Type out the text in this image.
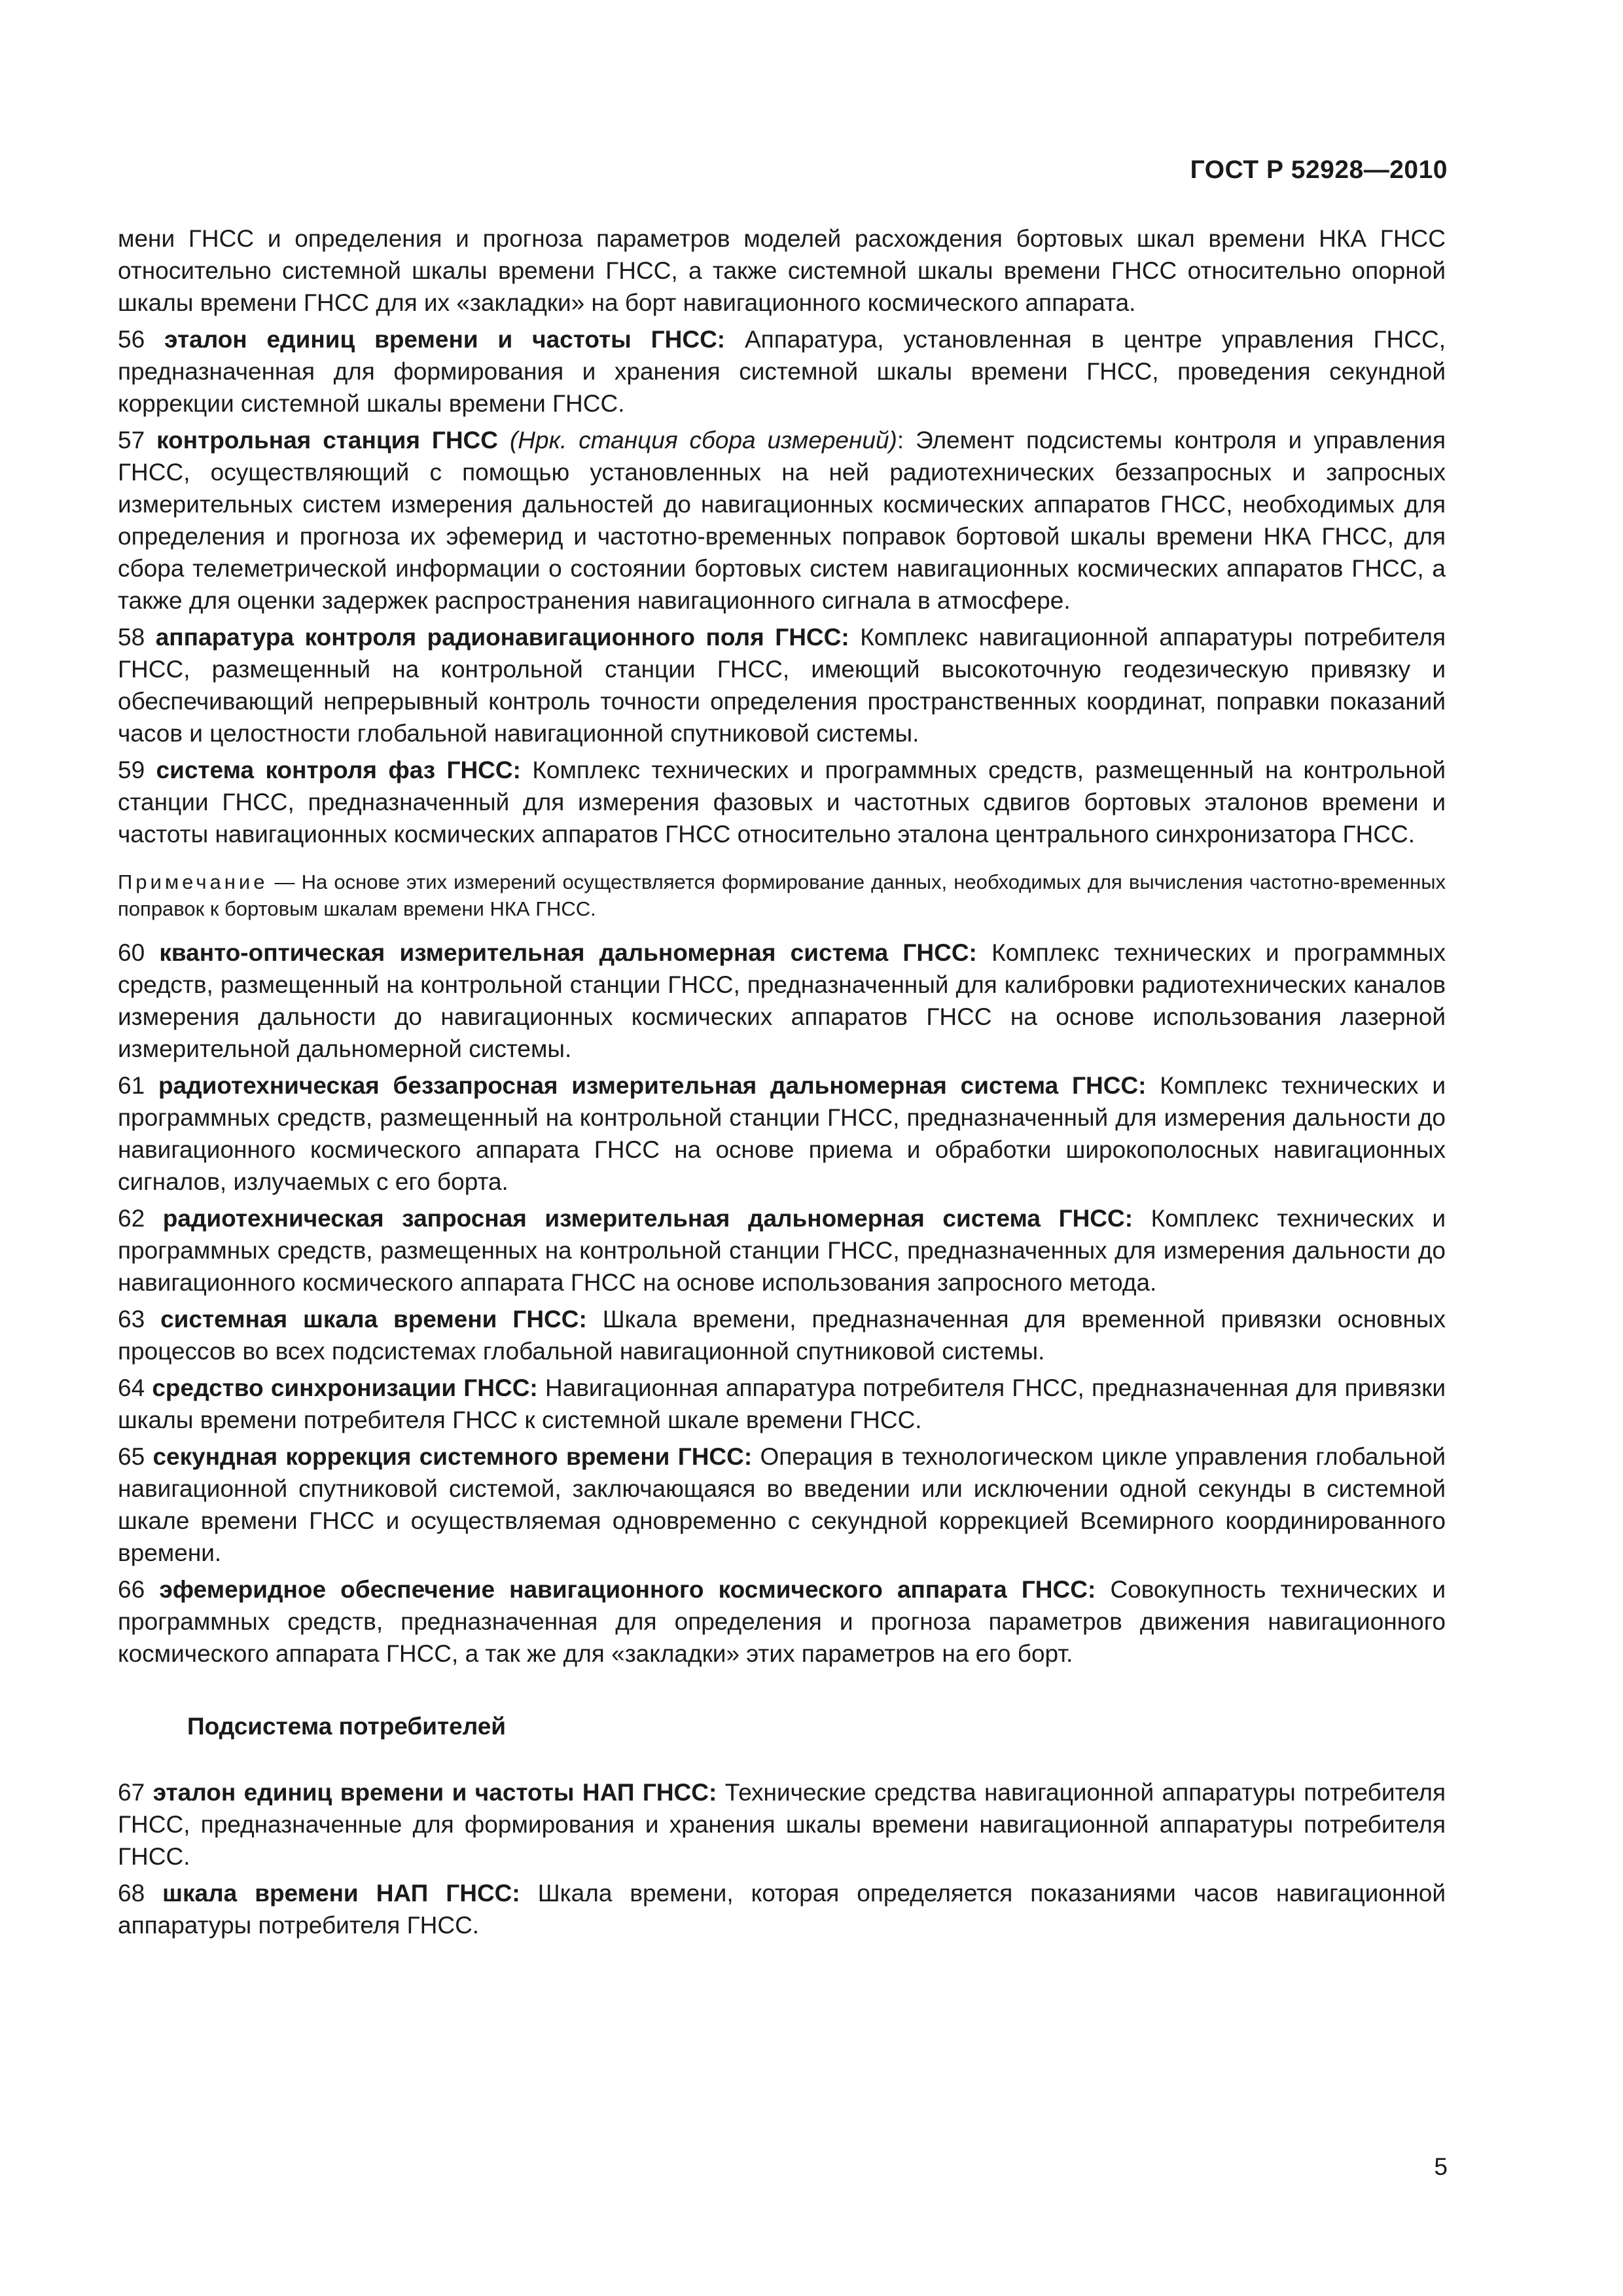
ГОСТ Р 52928—2010

мени ГНСС и определения и прогноза параметров моделей расхождения бортовых шкал времени НКА ГНСС относительно системной шкалы времени ГНСС, а также системной шкалы времени ГНСС относительно опорной шкалы времени ГНСС для их «закладки» на борт навигационного космического аппарата.

56 эталон единиц времени и частоты ГНСС: Аппаратура, установленная в центре управления ГНСС, предназначенная для формирования и хранения системной шкалы времени ГНСС, проведения секундной коррекции системной шкалы времени ГНСС.

57 контрольная станция ГНСС (Нрк. станция сбора измерений): Элемент подсистемы контроля и управления ГНСС, осуществляющий с помощью установленных на ней радиотехнических беззапросных и запросных измерительных систем измерения дальностей до навигационных космических аппаратов ГНСС, необходимых для определения и прогноза их эфемерид и частотно-временных поправок бортовой шкалы времени НКА ГНСС, для сбора телеметрической информации о состоянии бортовых систем навигационных космических аппаратов ГНСС, а также для оценки задержек распространения навигационного сигнала в атмосфере.

58 аппаратура контроля радионавигационного поля ГНСС: Комплекс навигационной аппаратуры потребителя ГНСС, размещенный на контрольной станции ГНСС, имеющий высокоточную геодезическую привязку и обеспечивающий непрерывный контроль точности определения пространственных координат, поправки показаний часов и целостности глобальной навигационной спутниковой системы.

59 система контроля фаз ГНСС: Комплекс технических и программных средств, размещенный на контрольной станции ГНСС, предназначенный для измерения фазовых и частотных сдвигов бортовых эталонов времени и частоты навигационных космических аппаратов ГНСС относительно эталона центрального синхронизатора ГНСС.

Примечание — На основе этих измерений осуществляется формирование данных, необходимых для вычисления частотно-временных поправок к бортовым шкалам времени НКА ГНСС.

60 кванто-оптическая измерительная дальномерная система ГНСС: Комплекс технических и программных средств, размещенный на контрольной станции ГНСС, предназначенный для калибровки радиотехнических каналов измерения дальности до навигационных космических аппаратов ГНСС на основе использования лазерной измерительной дальномерной системы.

61 радиотехническая беззапросная измерительная дальномерная система ГНСС: Комплекс технических и программных средств, размещенный на контрольной станции ГНСС, предназначенный для измерения дальности до навигационного космического аппарата ГНСС на основе приема и обработки широкополосных навигационных сигналов, излучаемых с его борта.

62 радиотехническая запросная измерительная дальномерная система ГНСС: Комплекс технических и программных средств, размещенных на контрольной станции ГНСС, предназначенных для измерения дальности до навигационного космического аппарата ГНСС на основе использования запросного метода.

63 системная шкала времени ГНСС: Шкала времени, предназначенная для временной привязки основных процессов во всех подсистемах глобальной навигационной спутниковой системы.

64 средство синхронизации ГНСС: Навигационная аппаратура потребителя ГНСС, предназначенная для привязки шкалы времени потребителя ГНСС к системной шкале времени ГНСС.

65 секундная коррекция системного времени ГНСС: Операция в технологическом цикле управления глобальной навигационной спутниковой системой, заключающаяся во введении или исключении одной секунды в системной шкале времени ГНСС и осуществляемая одновременно с секундной коррекцией Всемирного координированного времени.

66 эфемеридное обеспечение навигационного космического аппарата ГНСС: Совокупность технических и программных средств, предназначенная для определения и прогноза параметров движения навигационного космического аппарата ГНСС, а так же для «закладки» этих параметров на его борт.

Подсистема потребителей

67 эталон единиц времени и частоты НАП ГНСС: Технические средства навигационной аппаратуры потребителя ГНСС, предназначенные для формирования и хранения шкалы времени навигационной аппаратуры потребителя ГНСС.

68 шкала времени НАП ГНСС: Шкала времени, которая определяется показаниями часов навигационной аппаратуры потребителя ГНСС.

5
